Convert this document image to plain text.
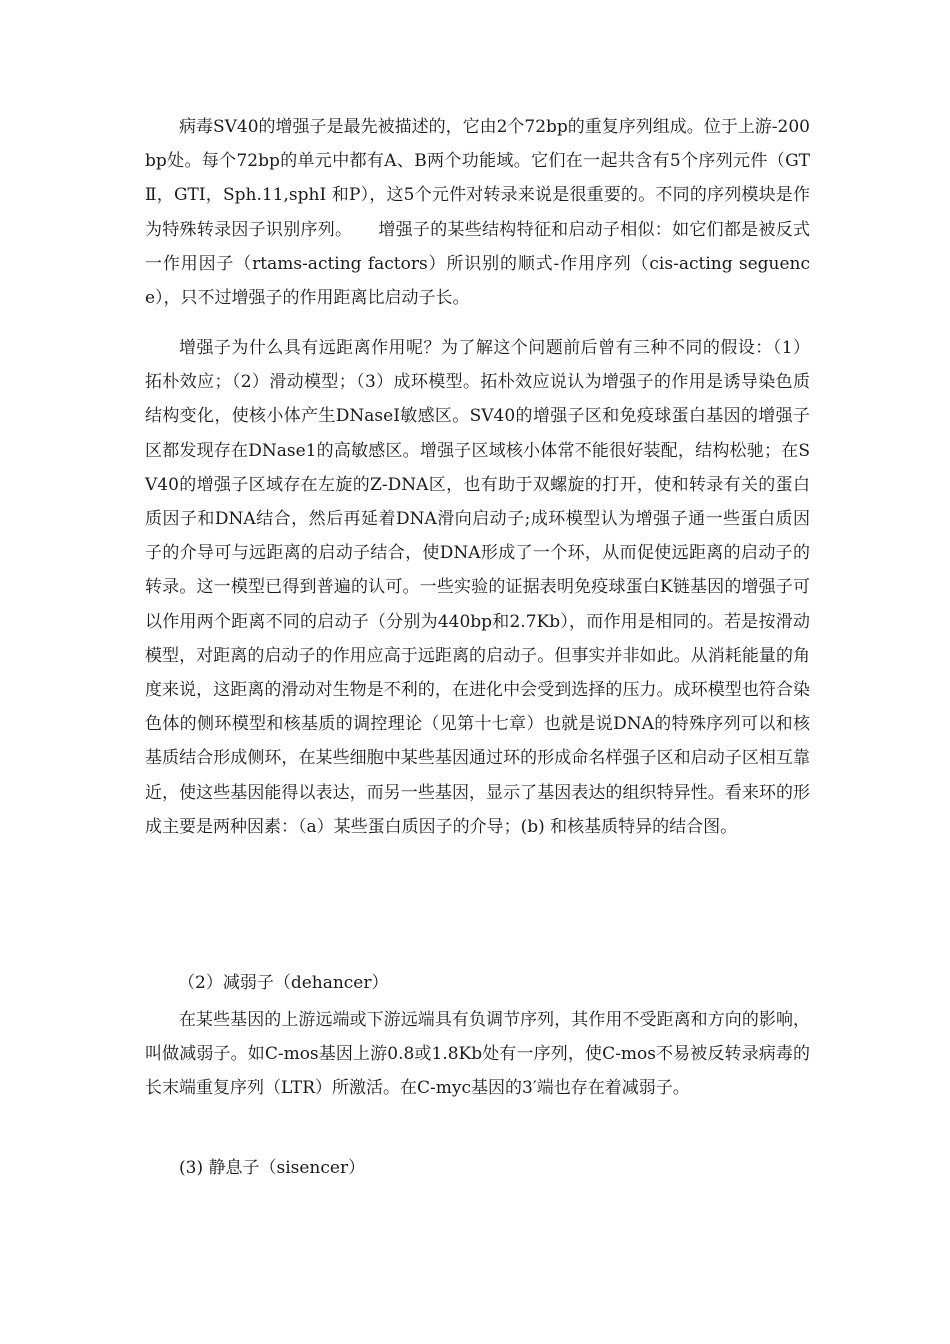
病毒SV40的增强子是最先被描述的，它由2个72bp的重复序列组成。位于上游-200bp处。每个72bp的单元中都有A、B两个功能域。它们在一起共含有5个序列元件（GTⅡ，GTI，Sph.11,sphI 和P），这5个元件对转录来说是很重要的。不同的序列模块是作为特殊转录因子识别序列。　　增强子的某些结构特征和启动子相似：如它们都是被反式一作用因子（rtams-acting factors）所识别的顺式-作用序列（cis-acting seguence），只不过增强子的作用距离比启动子长。

增强子为什么具有远距离作用呢？为了解这个问题前后曾有三种不同的假设：（1）拓朴效应；（2）滑动模型；（3）成环模型。拓朴效应说认为增强子的作用是诱导染色质结构变化，使核小体产生DNaseI敏感区。SV40的增强子区和免疫球蛋白基因的增强子区都发现存在DNase1的高敏感区。增强子区域核小体常不能很好装配，结构松驰；在SV40的增强子区域存在左旋的Z-DNA区，也有助于双螺旋的打开，使和转录有关的蛋白质因子和DNA结合，然后再延着DNA滑向启动子;成环模型认为增强子通一些蛋白质因子的介导可与远距离的启动子结合，使DNA形成了一个环，从而促使远距离的启动子的转录。这一模型已得到普遍的认可。一些实验的证据表明免疫球蛋白K链基因的增强子可以作用两个距离不同的启动子（分别为440bp和2.7Kb），而作用是相同的。若是按滑动模型，对距离的启动子的作用应高于远距离的启动子。但事实并非如此。从消耗能量的角度来说，这距离的滑动对生物是不利的，在进化中会受到选择的压力。成环模型也符合染色体的侧环模型和核基质的调控理论（见第十七章）也就是说DNA的特殊序列可以和核基质结合形成侧环，在某些细胞中某些基因通过环的形成命名样强子区和启动子区相互靠近，使这些基因能得以表达，而另一些基因，显示了基因表达的组织特异性。看来环的形成主要是两种因素：（a）某些蛋白质因子的介导；(b) 和核基质特异的结合图。

（2）减弱子（dehancer）

在某些基因的上游远端或下游远端具有负调节序列，其作用不受距离和方向的影响，叫做减弱子。如C-mos基因上游0.8或1.8Kb处有一序列，使C-mos不易被反转录病毒的长末端重复序列（LTR）所激活。在C-myc基因的3′端也存在着减弱子。

(3) 静息子（sisencer）
